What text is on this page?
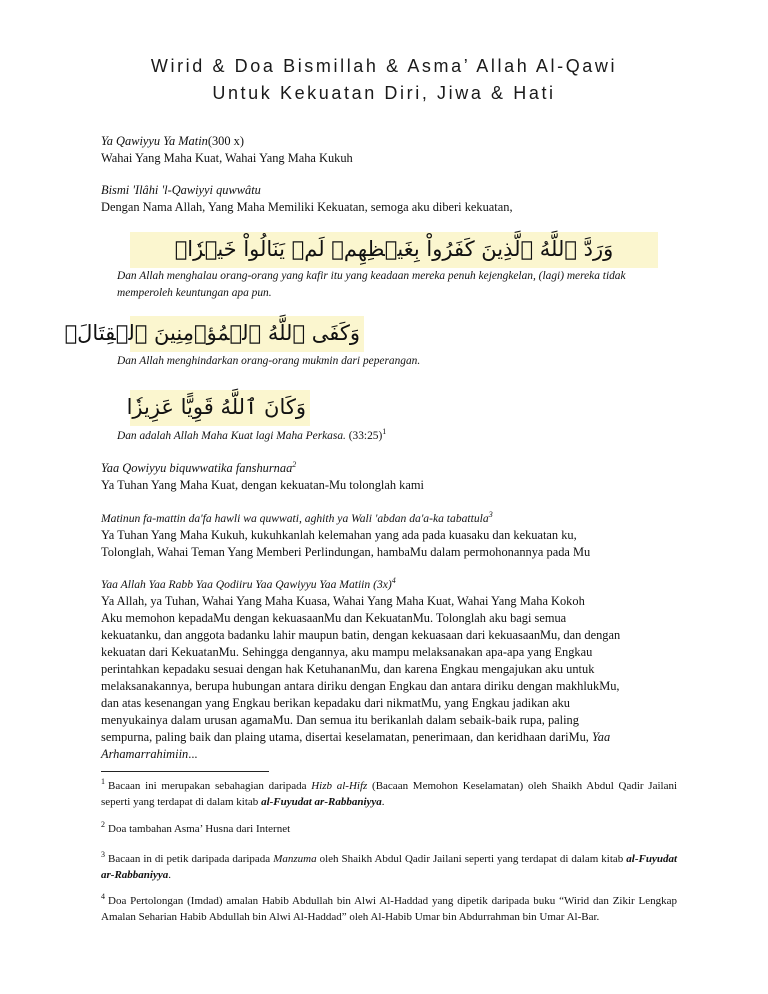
Wirid & Doa Bismillah & Asma’ Allah Al-Qawi
Untuk Kekuatan Diri, Jiwa & Hati
Ya Qawiyyu Ya Matin(300 x)
Wahai Yang Maha Kuat, Wahai Yang Maha Kukuh
Bismi 'Ilâhi 'l-Qawiyyi quwwâtu
Dengan Nama Allah, Yang Maha Memiliki Kekuatan, semoga aku diberi kekuatan,
وَرَدَّ ٱللَّهُ ٱلَّذِينَ كَفَرُواْ بِغَيۡظِهِمۡ لَمۡ يَنَالُواْ خَيۡرٗاۚ
Dan Allah menghalau orang-orang yang kafir itu yang keadaan mereka penuh kejengkelan, (lagi) mereka tidak
memperoleh keuntungan apa pun.
وَكَفَى ٱللَّهُ ٱلۡمُؤۡمِنِينَ ٱلۡقِتَالَۚ
Dan Allah menghindarkan orang-orang mukmin dari peperangan.
وَكَانَ ٱللَّهُ قَوِيًّا عَزِيزٗا
Dan adalah Allah Maha Kuat lagi Maha Perkasa. (33:25)$^1$
Yaa Qowiyyu biquwwatika fanshurnaa$^2$
Ya Tuhan Yang Maha Kuat, dengan kekuatan-Mu tolonglah kami
Matinun fa-mattin da'fa hawli wa quwwati, aghith ya Wali 'abdan da'a-ka tabattula$^3$
Ya Tuhan Yang Maha Kukuh, kukuhkanlah kelemahan yang ada pada kuasaku dan kekuatan ku,
Tolonglah, Wahai Teman Yang Memberi Perlindungan, hambaMu dalam permohonannya pada Mu
Yaa Allah Yaa Rabb Yaa Qodiiru Yaa Qawiyyu Yaa Matiin $(3x)^4$
Ya Allah, ya Tuhan, Wahai Yang Maha Kuasa, Wahai Yang Maha Kuat, Wahai Yang Maha Kokoh
Aku memohon kepadaMu dengan kekuasaanMu dan KekuatanMu. Tolonglah aku bagi semua
kekuatanku, dan anggota badanku lahir maupun batin, dengan kekuasaan dari kekuasaanMu, dan dengan
kekuatan dari KekuatanMu. Sehingga dengannya, aku mampu melaksanakan apa-apa yang Engkau
perintahkan kepadaku sesuai dengan hak KetuhananMu, dan karena Engkau mengajukan aku untuk
melaksanakannya, berupa hubungan antara diriku dengan Engkau dan antara diriku dengan makhlukMu,
dan atas kesenangan yang Engkau berikan kepadaku dari nikmatMu, yang Engkau jadikan aku
menyukainya dalam urusan agamaMu. Dan semua itu berikanlah dalam sebaik-baik rupa, paling
sempurna, paling baik dan plaing utama, disertai keselamatan, penerimaan, dan keridhaan dariMu, Yaa
Arhamarrahimiin...
$^1$ Bacaan ini merupakan sebahagian daripada Hizb al-Hifz (Bacaan Memohon Keselamatan) oleh Shaikh Abdul Qadir Jailani seperti yang terdapat di dalam kitab al-Fuyudat ar-Rabbaniyya.
$^2$ Doa tambahan Asma’ Husna dari Internet
$^3$ Bacaan in di petik daripada daripada Manzuma oleh Shaikh Abdul Qadir Jailani seperti yang terdapat di dalam kitab al-Fuyudat ar-Rabbaniyya.
$^4$ Doa Pertolongan (Imdad) amalan Habib Abdullah bin Alwi Al-Haddad yang dipetik daripada buku “Wirid dan Zikir Lengkap Amalan Seharian Habib Abdullah bin Alwi Al-Haddad” oleh Al-Habib Umar bin Abdurrahman bin Umar Al-Bar.
